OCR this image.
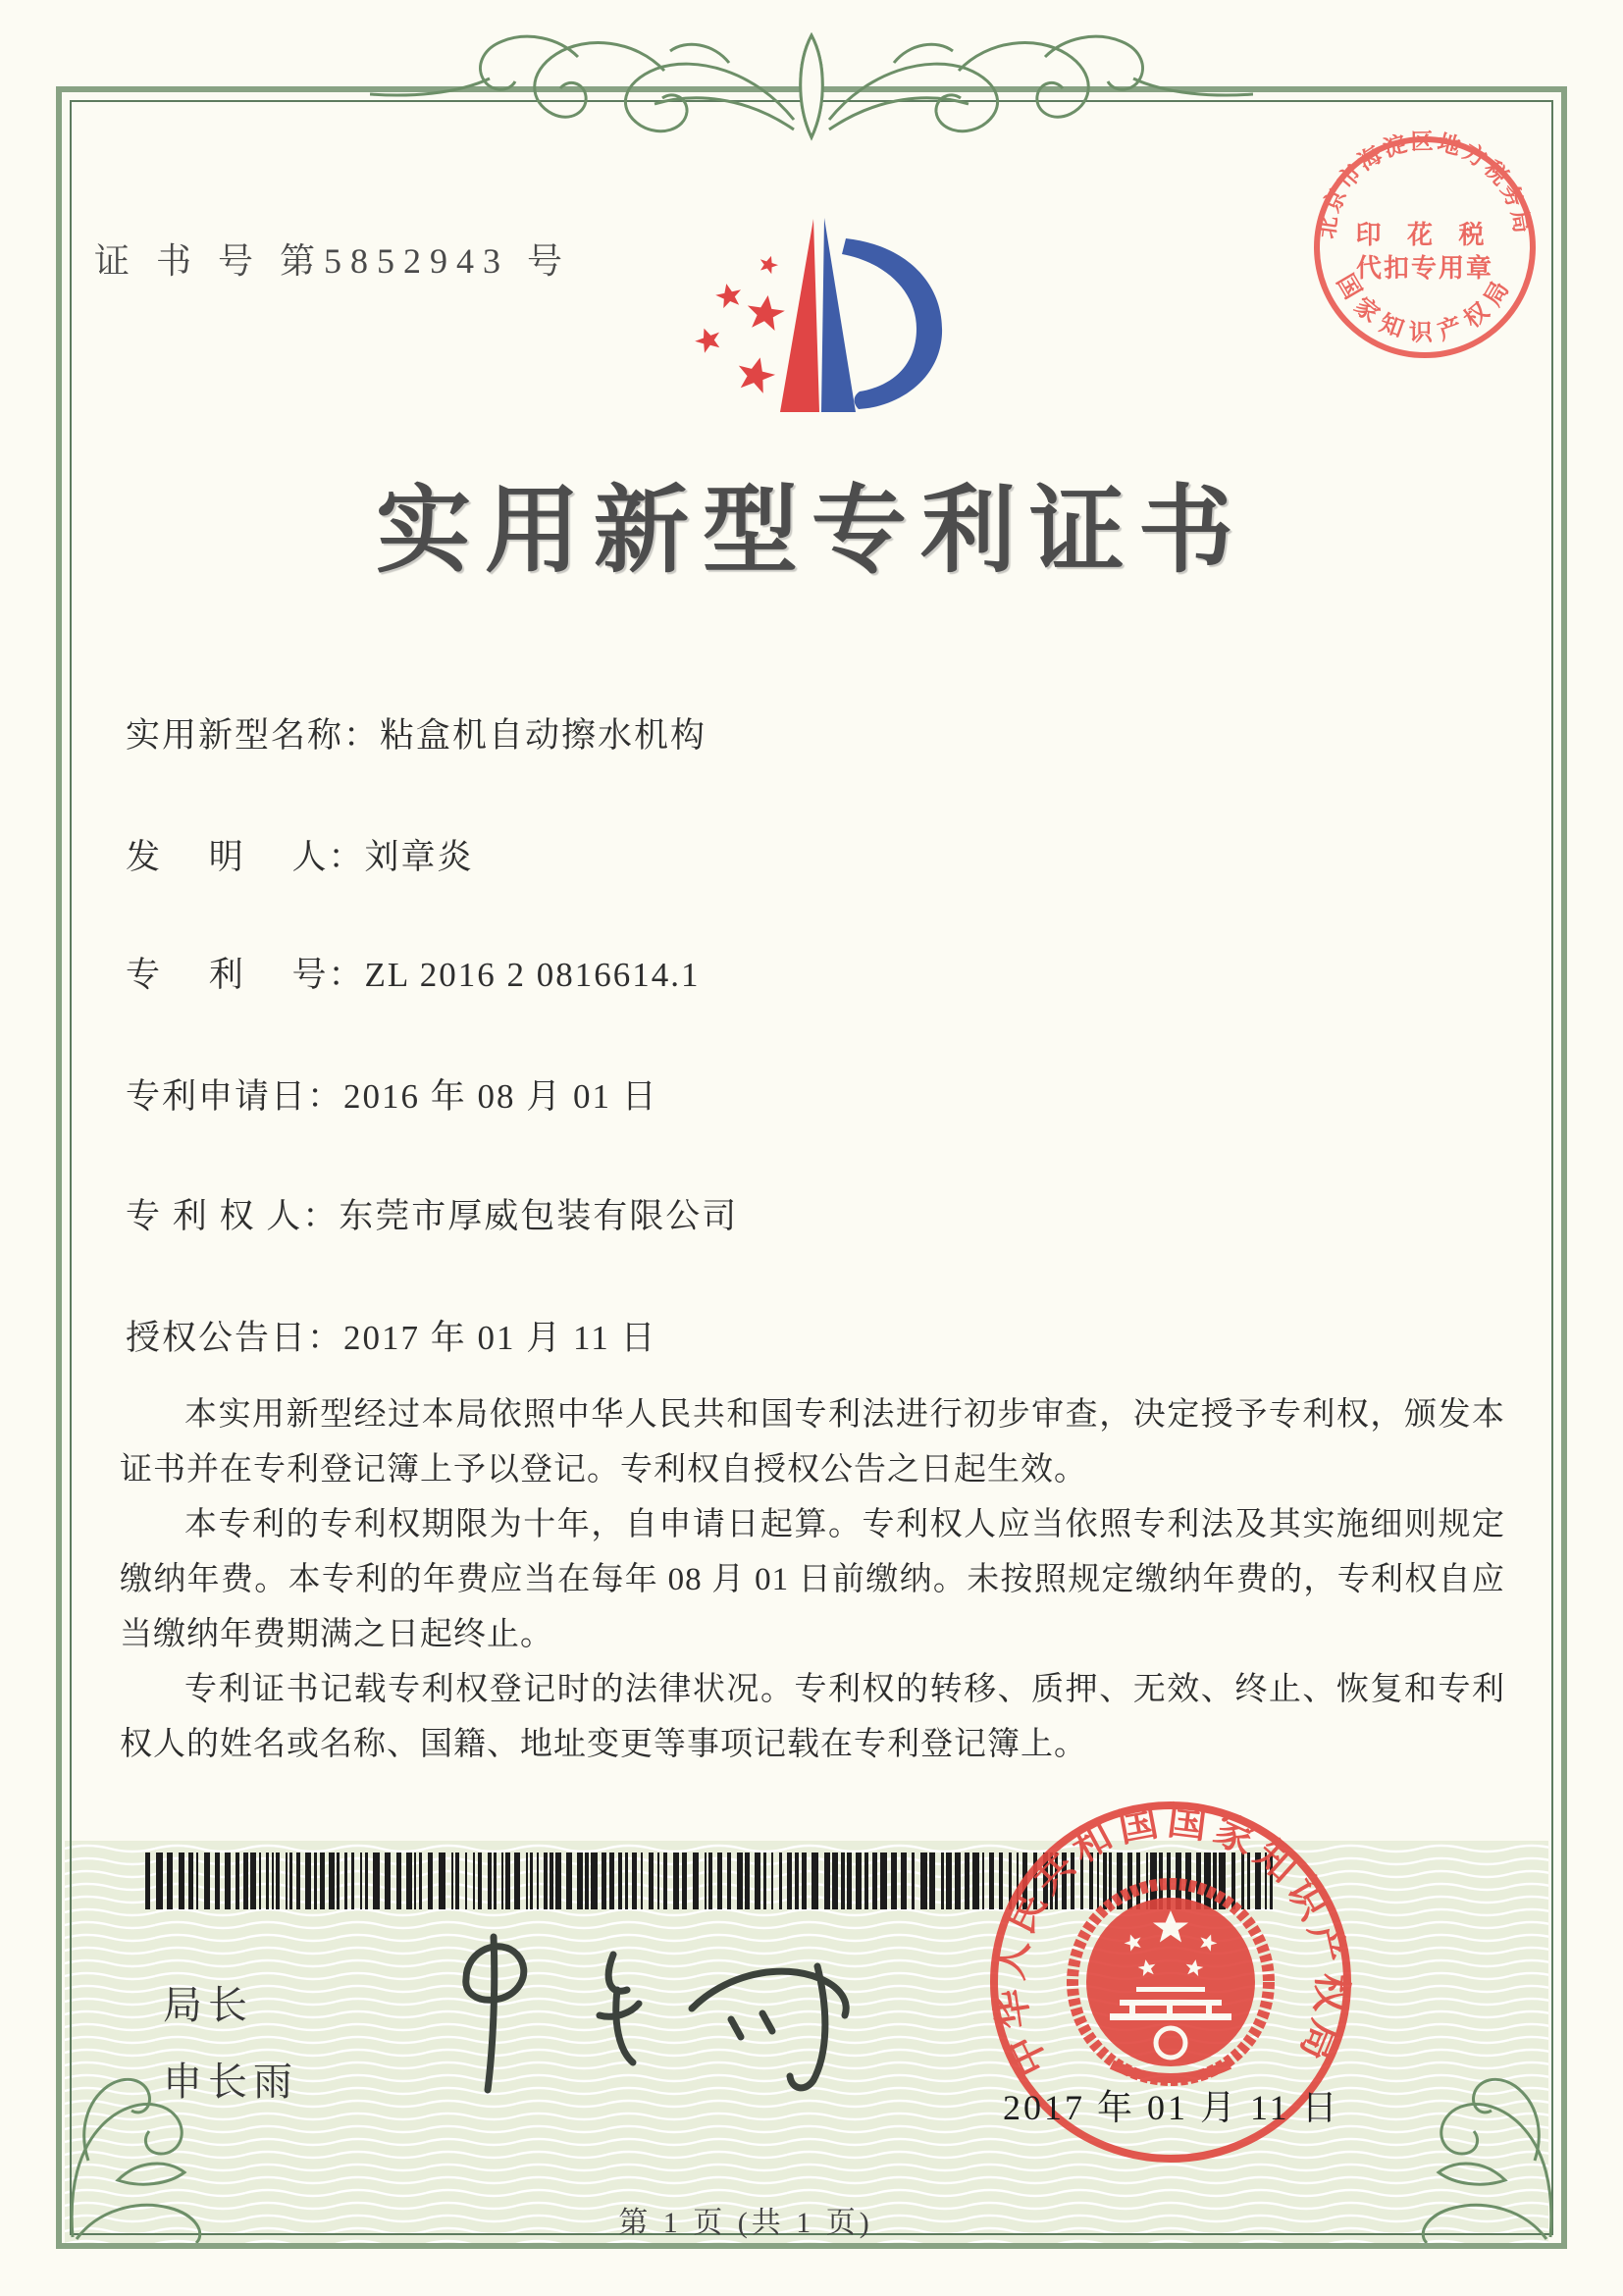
证 书 号 第5852943 号
北京市海淀区地方税务局
国家知识产权局
印 花 税
代扣专用章
实用新型专利证书
实用新型名称：粘盒机自动擦水机构
发　 明　 人：刘章炎
专　 利　 号：ZL 2016 2 0816614.1
专利申请日：2016 年 08 月 01 日
专 利 权 人：东莞市厚威包装有限公司
授权公告日：2017 年 01 月 11 日

本实用新型经过本局依照中华人民共和国专利法进行初步审查，决定授予专利权，颁发本证书并在专利登记簿上予以登记。专利权自授权公告之日起生效。

本专利的专利权期限为十年，自申请日起算。专利权人应当依照专利法及其实施细则规定缴纳年费。本专利的年费应当在每年 08 月 01 日前缴纳。未按照规定缴纳年费的，专利权自应当缴纳年费期满之日起终止。

专利证书记载专利权登记时的法律状况。专利权的转移、质押、无效、终止、恢复和专利权人的姓名或名称、国籍、地址变更等事项记载在专利登记簿上。

局长
申长雨	中华人民共和国国家知识产权局
2017 年 01 月 11 日
第 1 页 (共 1 页)
